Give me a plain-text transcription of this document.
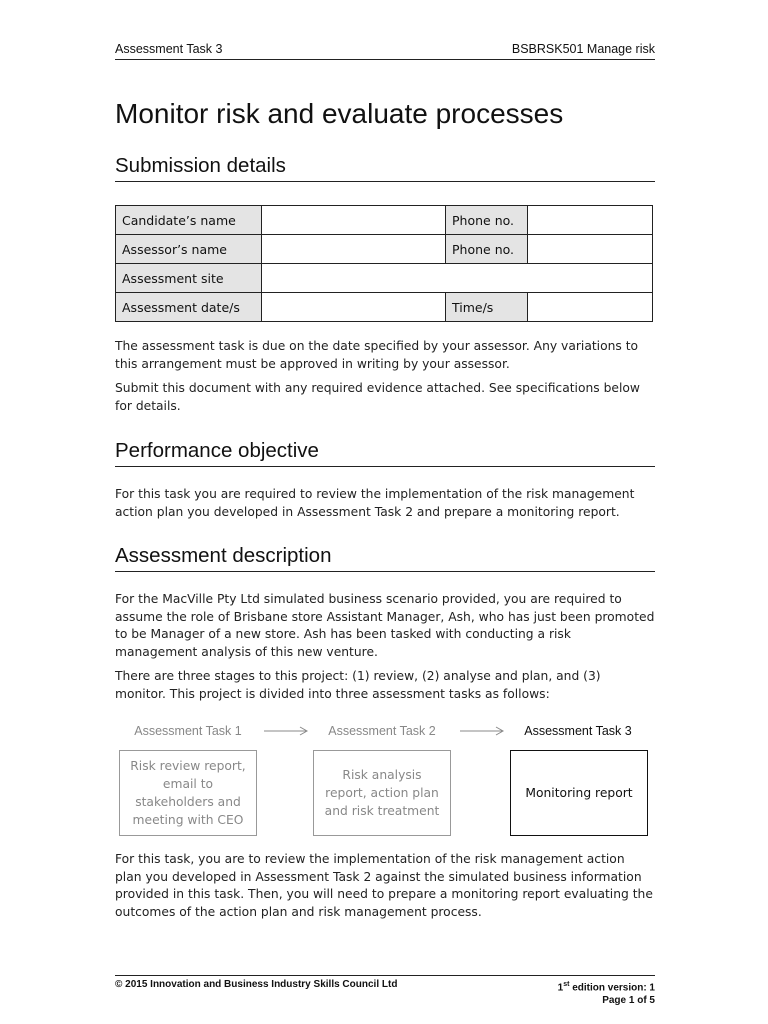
Assessment Task 3	BSBRSK501 Manage risk
Monitor risk and evaluate processes
Submission details
Candidate’s name		Phone no.	
Assessor’s name		Phone no.	
Assessment site			
Assessment date/s		Time/s	

The assessment task is due on the date specified by your assessor. Any variations to this arrangement must be approved in writing by your assessor.

Submit this document with any required evidence attached. See specifications below for details.

Performance objective

For this task you are required to review the implementation of the risk management action plan you developed in Assessment Task 2 and prepare a monitoring report.

Assessment description

For the MacVille Pty Ltd simulated business scenario provided, you are required to assume the role of Brisbane store Assistant Manager, Ash, who has just been promoted to be Manager of a new store. Ash has been tasked with conducting a risk management analysis of this new venture.

There are three stages to this project: (1) review, (2) analyse and plan, and (3) monitor. This project is divided into three assessment tasks as follows:

Assessment Task 1	Assessment Task 2	Assessment Task 3
Risk review report, email to stakeholders and meeting with CEO
Risk analysis report, action plan and risk treatment
Monitoring report

For this task, you are to review the implementation of the risk management action plan you developed in Assessment Task 2 against the simulated business information provided in this task. Then, you will need to prepare a monitoring report evaluating the outcomes of the action plan and risk management process.

© 2015 Innovation and Business Industry Skills Council Ltd	1st edition version: 1
Page 1 of 5
